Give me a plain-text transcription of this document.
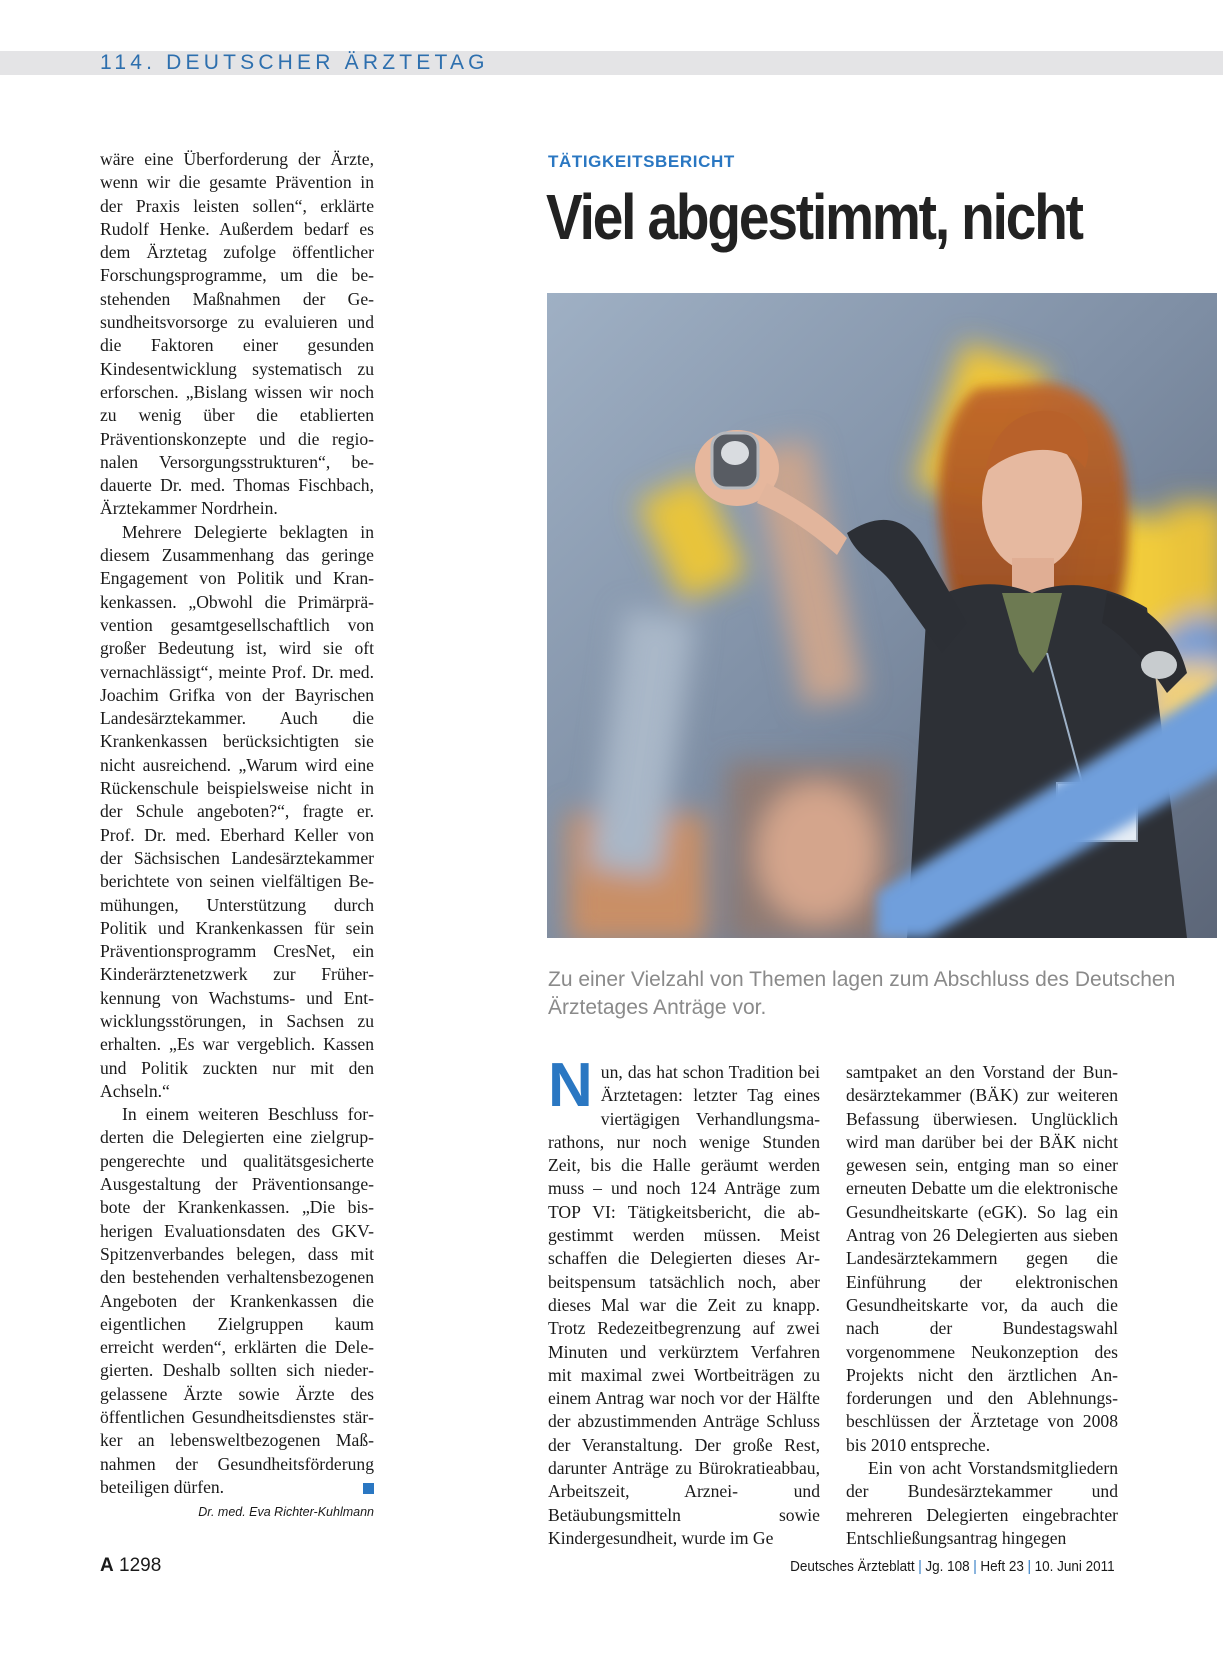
114. DEUTSCHER ÄRZTETAG

wäre eine Überforderung der Ärzte, wenn wir die gesamte Prävention in der Praxis leisten sollen“, erklärte Rudolf Henke. Außerdem bedarf es dem Ärztetag zufolge öffentlicher Forschungsprogramme, um die bestehenden Maßnahmen der Gesundheitsvorsorge zu evaluieren und die Faktoren einer gesunden Kindesentwicklung systematisch zu erforschen. „Bislang wissen wir noch zu wenig über die etablierten Präventionskonzepte und die regionalen Versorgungsstrukturen“, bedauerte Dr. med. Thomas Fischbach, Ärztekammer Nordrhein.

Mehrere Delegierte beklagten in diesem Zusammenhang das geringe Engagement von Politik und Krankenkassen. „Obwohl die Primärprävention gesamtgesellschaftlich von großer Bedeutung ist, wird sie oft vernachlässigt“, meinte Prof. Dr. med. Joachim Grifka von der Bayrischen Landesärztekammer. Auch die Krankenkassen berücksichtigten sie nicht ausreichend. „Warum wird eine Rückenschule beispielsweise nicht in der Schule angeboten?“, fragte er. Prof. Dr. med. Eberhard Keller von der Sächsischen Landesärztekammer berichtete von seinen vielfältigen Bemühungen, Unterstützung durch Politik und Krankenkassen für sein Präventionsprogramm CresNet, ein Kinderärztenetzwerk zur Früherkennung von Wachstums- und Entwicklungsstörungen, in Sachsen zu erhalten. „Es war vergeblich. Kassen und Politik zuckten nur mit den Achseln.“

In einem weiteren Beschluss forderten die Delegierten eine zielgruppengerechte und qualitätsgesicherte Ausgestaltung der Präventionsangebote der Krankenkassen. „Die bisherigen Evaluationsdaten des GKV-Spitzenverbandes belegen, dass mit den bestehenden verhaltensbezogenen Angeboten der Krankenkassen die eigentlichen Zielgruppen kaum erreicht werden“, erklärten die Delegierten. Deshalb sollten sich niedergelassene Ärzte sowie Ärzte des öffentlichen Gesundheitsdienstes stärker an lebensweltbezogenen Maßnahmen der Gesundheitsförderung beteiligen dürfen.

Dr. med. Eva Richter-Kuhlmann
TÄTIGKEITSBERICHT
Viel abgestimmt, nicht
Zu einer Vielzahl von Themen lagen zum Abschluss des Deutschen Ärztetages Anträge vor.

Nun, das hat schon Tradition bei Ärztetagen: letzter Tag eines viertägigen Verhandlungsmarathons, nur noch wenige Stunden Zeit, bis die Halle geräumt werden muss – und noch 124 Anträge zum TOP VI: Tätigkeitsbericht, die abgestimmt werden müssen. Meist schaffen die Delegierten dieses Arbeitspensum tatsächlich noch, aber dieses Mal war die Zeit zu knapp. Trotz Redezeitbegrenzung auf zwei Minuten und verkürztem Verfahren mit maximal zwei Wortbeiträgen zu einem Antrag war noch vor der Hälfte der abzustimmenden Anträge Schluss der Veranstaltung. Der große Rest, darunter Anträge zu Bürokratieabbau, Arbeitszeit, Arznei- und Betäubungsmitteln sowie Kindergesundheit, wurde im Ge

samtpaket an den Vorstand der Bundesärztekammer (BÄK) zur weiteren Befassung überwiesen. Unglücklich wird man darüber bei der BÄK nicht gewesen sein, entging man so einer erneuten Debatte um die elektronische Gesundheitskarte (eGK). So lag ein Antrag von 26 Delegierten aus sieben Landesärztekammern gegen die Einführung der elektronischen Gesundheitskarte vor, da auch die nach der Bundestagswahl vorgenommene Neukonzeption des Projekts nicht den ärztlichen Anforderungen und den Ablehnungsbeschlüssen der Ärztetage von 2008 bis 2010 entspreche.

Ein von acht Vorstandsmitgliedern der Bundesärztekammer und mehreren Delegierten eingebrachter Entschließungsantrag hingegen

A 1298	Deutsches Ärzteblatt | Jg. 108 | Heft 23 | 10. Juni 2011
